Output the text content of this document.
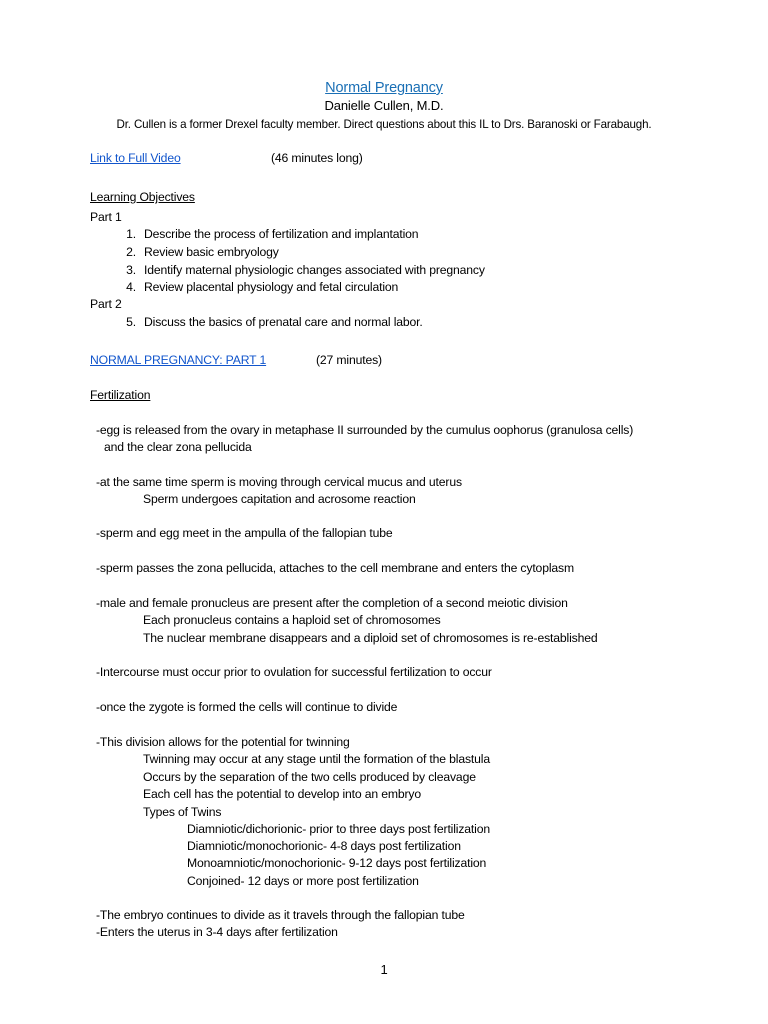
Normal Pregnancy
Danielle Cullen, M.D.
Dr. Cullen is a former Drexel faculty member. Direct questions about this IL to Drs. Baranoski or Farabaugh.
Link to Full Video	(46 minutes long)
Learning Objectives
Part 1
1. Describe the process of fertilization and implantation
2. Review basic embryology
3. Identify maternal physiologic changes associated with pregnancy
4. Review placental physiology and fetal circulation
Part 2
5. Discuss the basics of prenatal care and normal labor.
NORMAL PREGNANCY: PART 1	(27 minutes)
Fertilization
-egg is released from the ovary in metaphase II surrounded by the cumulus oophorus (granulosa cells)
and the clear zona pellucida
-at the same time sperm is moving through cervical mucus and uterus
Sperm undergoes capitation and acrosome reaction
-sperm and egg meet in the ampulla of the fallopian tube
-sperm passes the zona pellucida, attaches to the cell membrane and enters the cytoplasm
-male and female pronucleus are present after the completion of a second meiotic division
Each pronucleus contains a haploid set of chromosomes
The nuclear membrane disappears and a diploid set of chromosomes is re-established
-Intercourse must occur prior to ovulation for successful fertilization to occur
-once the zygote is formed the cells will continue to divide
-This division allows for the potential for twinning
Twinning may occur at any stage until the formation of the blastula
Occurs by the separation of the two cells produced by cleavage
Each cell has the potential to develop into an embryo
Types of Twins
Diamniotic/dichorionic- prior to three days post fertilization
Diamniotic/monochorionic- 4-8 days post fertilization
Monoamniotic/monochorionic- 9-12 days post fertilization
Conjoined- 12 days or more post fertilization
-The embryo continues to divide as it travels through the fallopian tube
-Enters the uterus in 3-4 days after fertilization
1
